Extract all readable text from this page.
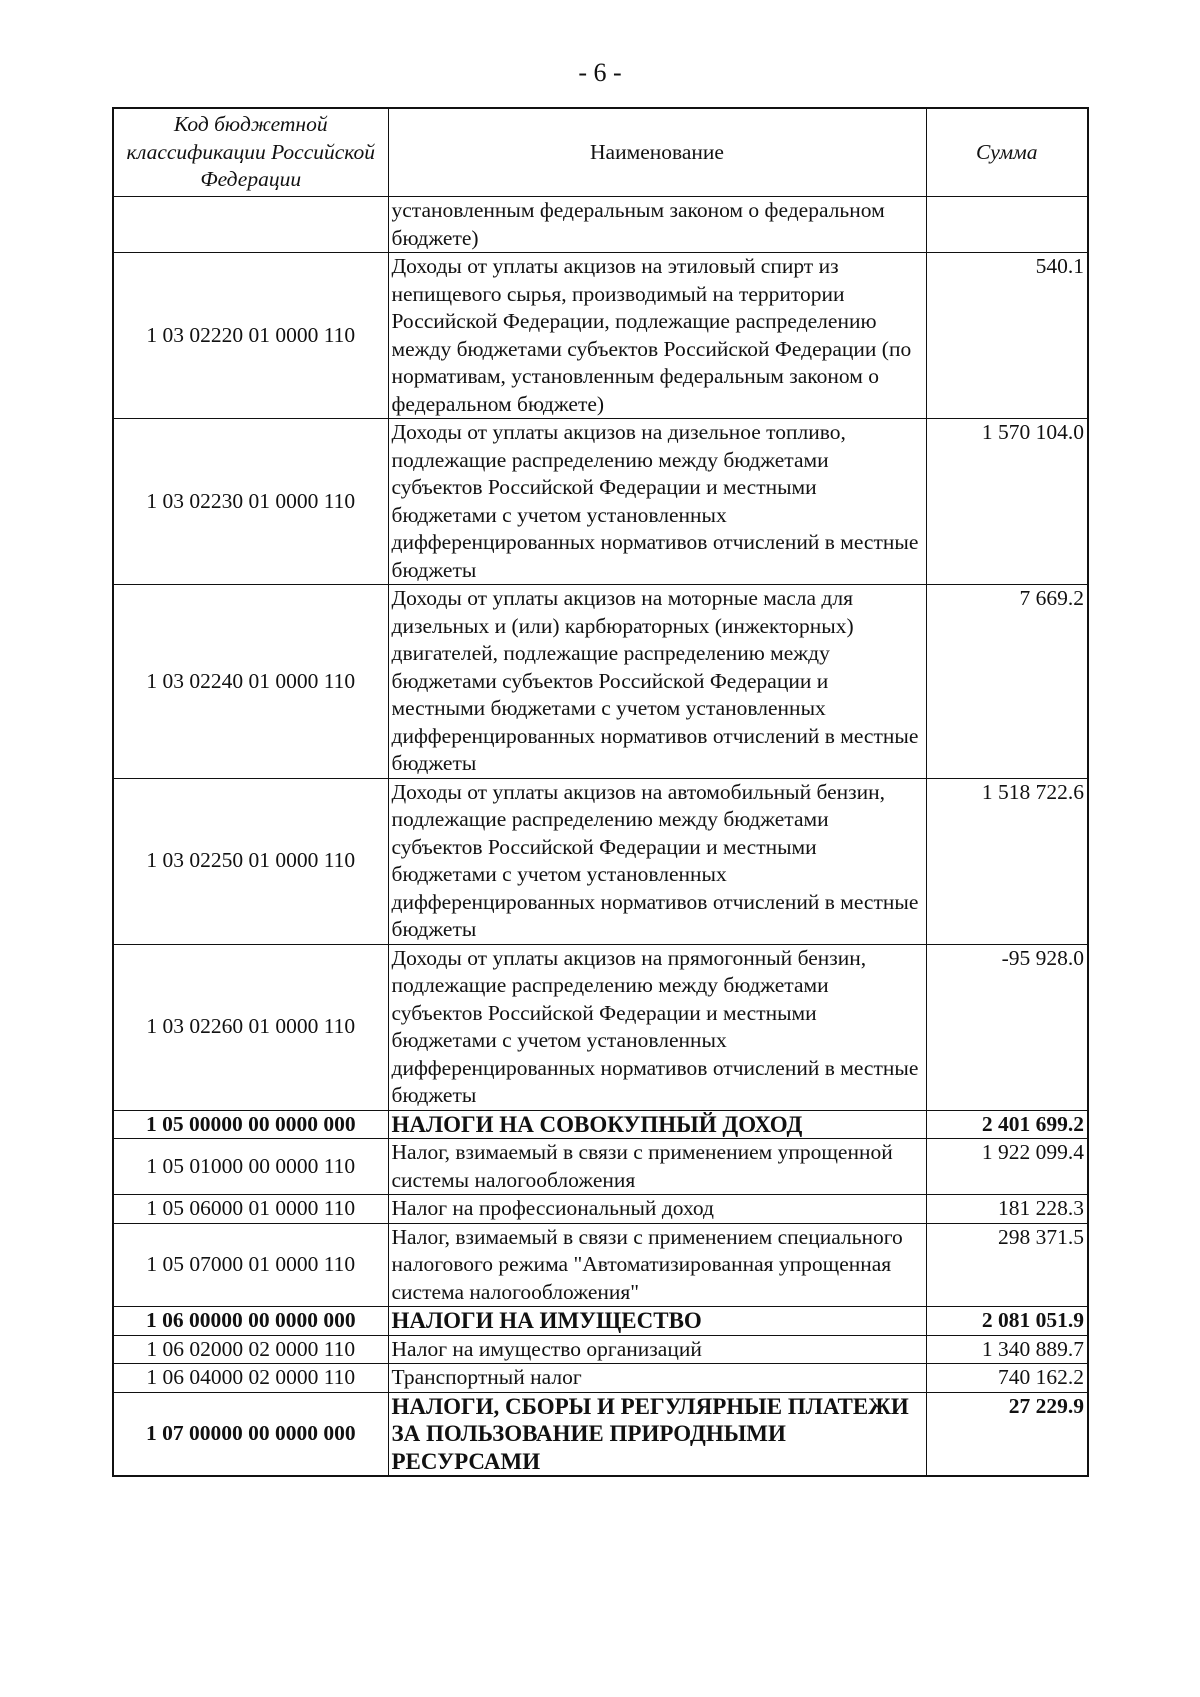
- 6 -
Код бюджетной классификации Российской Федерации	Наименование	Сумма
	установленным федеральным законом о федеральном бюджете)	
1 03 02220 01 0000 110	Доходы от уплаты акцизов на этиловый спирт из непищевого сырья, производимый на территории Российской Федерации, подлежащие распределению между бюджетами субъектов Российской Федерации (по нормативам, установленным федеральным законом о федеральном бюджете)	540.1
1 03 02230 01 0000 110	Доходы от уплаты акцизов на дизельное топливо, подлежащие распределению между бюджетами субъектов Российской Федерации и местными бюджетами с учетом установленных дифференцированных нормативов отчислений в местные бюджеты	1 570 104.0
1 03 02240 01 0000 110	Доходы от уплаты акцизов на моторные масла для дизельных и (или) карбюраторных (инжекторных) двигателей, подлежащие распределению между бюджетами субъектов Российской Федерации и местными бюджетами с учетом установленных дифференцированных нормативов отчислений в местные бюджеты	7 669.2
1 03 02250 01 0000 110	Доходы от уплаты акцизов на автомобильный бензин, подлежащие распределению между бюджетами субъектов Российской Федерации и местными бюджетами с учетом установленных дифференцированных нормативов отчислений в местные бюджеты	1 518 722.6
1 03 02260 01 0000 110	Доходы от уплаты акцизов на прямогонный бензин, подлежащие распределению между бюджетами субъектов Российской Федерации и местными бюджетами с учетом установленных дифференцированных нормативов отчислений в местные бюджеты	-95 928.0
1 05 00000 00 0000 000	НАЛОГИ НА СОВОКУПНЫЙ ДОХОД	2 401 699.2
1 05 01000 00 0000 110	Налог, взимаемый в связи с применением упрощенной системы налогообложения	1 922 099.4
1 05 06000 01 0000 110	Налог на профессиональный доход	181 228.3
1 05 07000 01 0000 110	Налог, взимаемый в связи с применением специального налогового режима "Автоматизированная упрощенная система налогообложения"	298 371.5
1 06 00000 00 0000 000	НАЛОГИ НА ИМУЩЕСТВО	2 081 051.9
1 06 02000 02 0000 110	Налог на имущество организаций	1 340 889.7
1 06 04000 02 0000 110	Транспортный налог	740 162.2
1 07 00000 00 0000 000	НАЛОГИ, СБОРЫ И РЕГУЛЯРНЫЕ ПЛАТЕЖИ ЗА ПОЛЬЗОВАНИЕ ПРИРОДНЫМИ РЕСУРСАМИ	27 229.9
